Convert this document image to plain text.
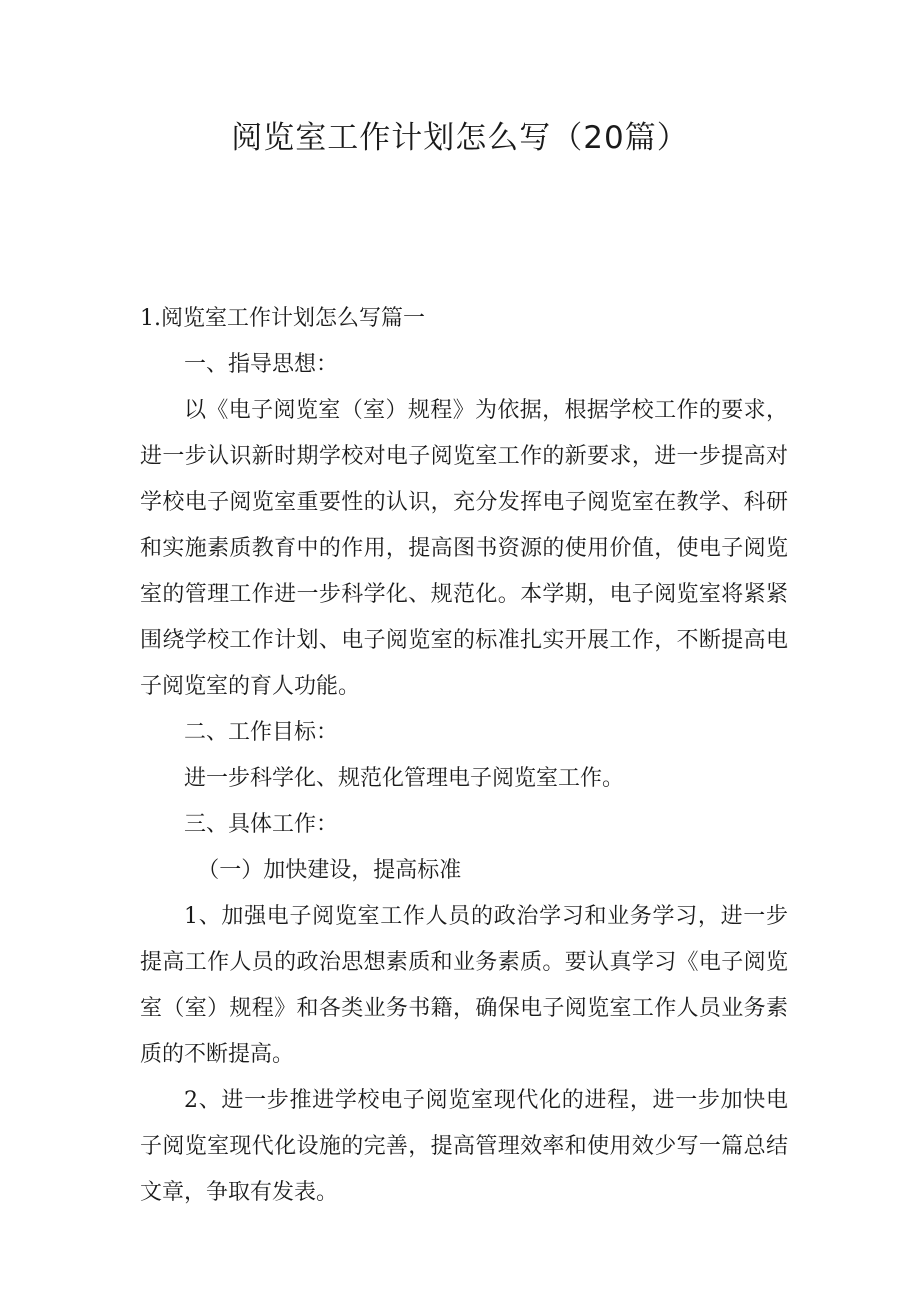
阅览室工作计划怎么写（20篇）

1.阅览室工作计划怎么写篇一

一、指导思想：

以《电子阅览室（室）规程》为依据，根据学校工作的要求，进一步认识新时期学校对电子阅览室工作的新要求，进一步提高对学校电子阅览室重要性的认识，充分发挥电子阅览室在教学、科研和实施素质教育中的作用，提高图书资源的使用价值，使电子阅览室的管理工作进一步科学化、规范化。本学期，电子阅览室将紧紧围绕学校工作计划、电子阅览室的标准扎实开展工作，不断提高电子阅览室的育人功能。

二、工作目标：

进一步科学化、规范化管理电子阅览室工作。

三、具体工作：

（一）加快建设，提高标准

1、加强电子阅览室工作人员的政治学习和业务学习，进一步提高工作人员的政治思想素质和业务素质。要认真学习《电子阅览室（室）规程》和各类业务书籍，确保电子阅览室工作人员业务素质的不断提高。

2、进一步推进学校电子阅览室现代化的进程，进一步加快电子阅览室现代化设施的完善，提高管理效率和使用效少写一篇总结文章，争取有发表。
